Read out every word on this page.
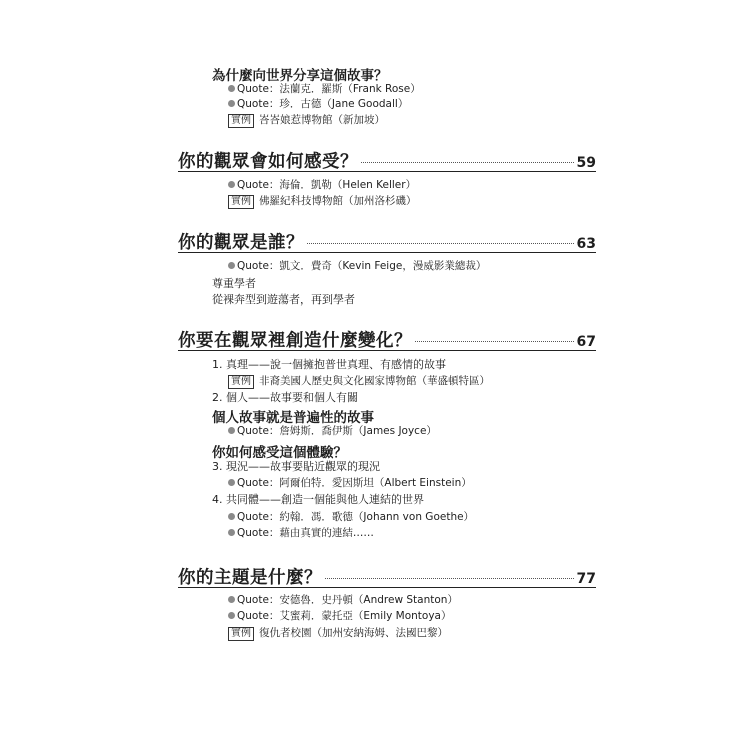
為什麼向世界分享這個故事？
Quote：法蘭克．羅斯（Frank Rose）
Quote：珍．古德（Jane Goodall）
實例 峇峇娘惹博物館（新加坡）
你的觀眾會如何感受？	59
Quote：海倫．凱勒（Helen Keller）
實例 佛羅紀科技博物館（加州洛杉磯）
你的觀眾是誰？	63
Quote：凱文．費奇（Kevin Feige，漫威影業總裁）
尊重學者
從裸奔型到遊蕩者，再到學者
你要在觀眾裡創造什麼變化？	67
1. 真理——說一個擁抱普世真理、有感情的故事
實例 非裔美國人歷史與文化國家博物館（華盛頓特區）
2. 個人——故事要和個人有關
個人故事就是普遍性的故事
Quote：詹姆斯．喬伊斯（James Joyce）
你如何感受這個體驗？
3. 現況——故事要貼近觀眾的現況
Quote：阿爾伯特．愛因斯坦（Albert Einstein）
4. 共同體——創造一個能與他人連結的世界
Quote：約翰．馮．歌德（Johann von Goethe）
Quote：藉由真實的連結……
你的主題是什麼？	77
Quote：安德魯．史丹頓（Andrew Stanton）
Quote：艾蜜莉．蒙托亞（Emily Montoya）
實例 復仇者校園（加州安納海姆、法國巴黎）
